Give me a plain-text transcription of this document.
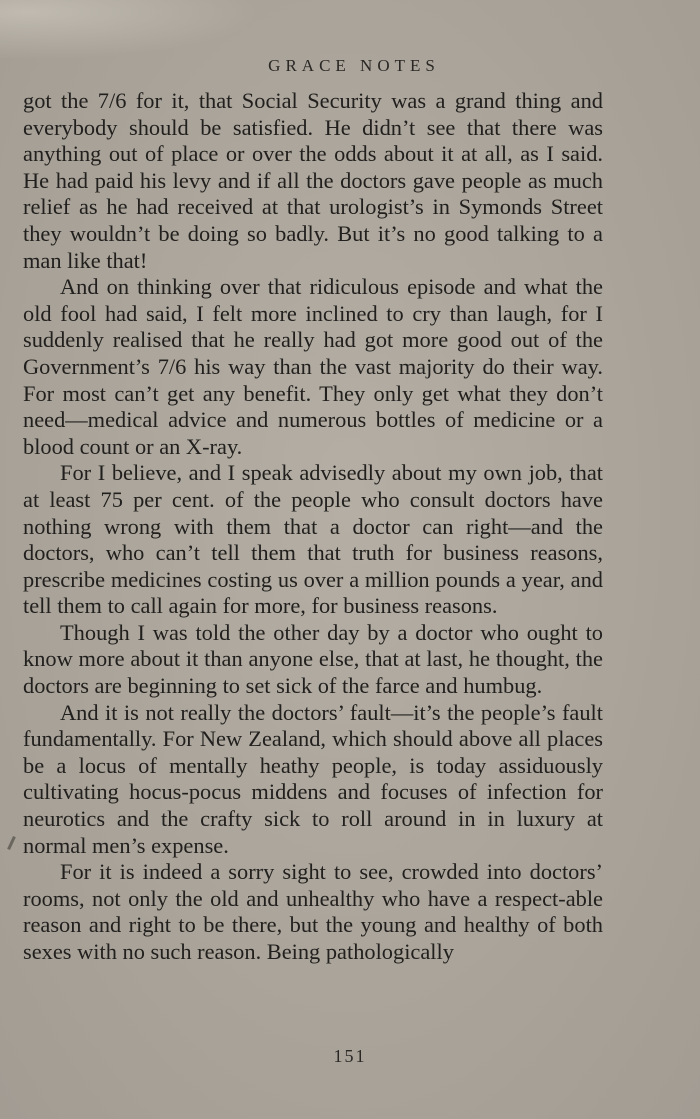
GRACE NOTES

got the 7/6 for it, that Social Security was a grand thing and everybody should be satisfied. He didn’t see that there was anything out of place or over the odds about it at all, as I said. He had paid his levy and if all the doctors gave people as much relief as he had received at that urologist’s in Symonds Street they wouldn’t be doing so badly. But it’s no good talking to a man like that!

And on thinking over that ridiculous episode and what the old fool had said, I felt more inclined to cry than laugh, for I suddenly realised that he really had got more good out of the Government’s 7/6 his way than the vast majority do their way. For most can’t get any benefit. They only get what they don’t need—medical advice and numerous bottles of medicine or a blood count or an X-ray.

For I believe, and I speak advisedly about my own job, that at least 75 per cent. of the people who consult doctors have nothing wrong with them that a doctor can right—and the doctors, who can’t tell them that truth for business reasons, prescribe medicines costing us over a million pounds a year, and tell them to call again for more, for business reasons.

Though I was told the other day by a doctor who ought to know more about it than anyone else, that at last, he thought, the doctors are beginning to set sick of the farce and humbug.

And it is not really the doctors’ fault—it’s the people’s fault fundamentally. For New Zealand, which should above all places be a locus of mentally heathy people, is today assiduously cultivating hocus-pocus middens and focuses of infection for neurotics and the crafty sick to roll around in in luxury at normal men’s expense.

For it is indeed a sorry sight to see, crowded into doctors’ rooms, not only the old and unhealthy who have a respect-able reason and right to be there, but the young and healthy of both sexes with no such reason. Being pathologically

151
